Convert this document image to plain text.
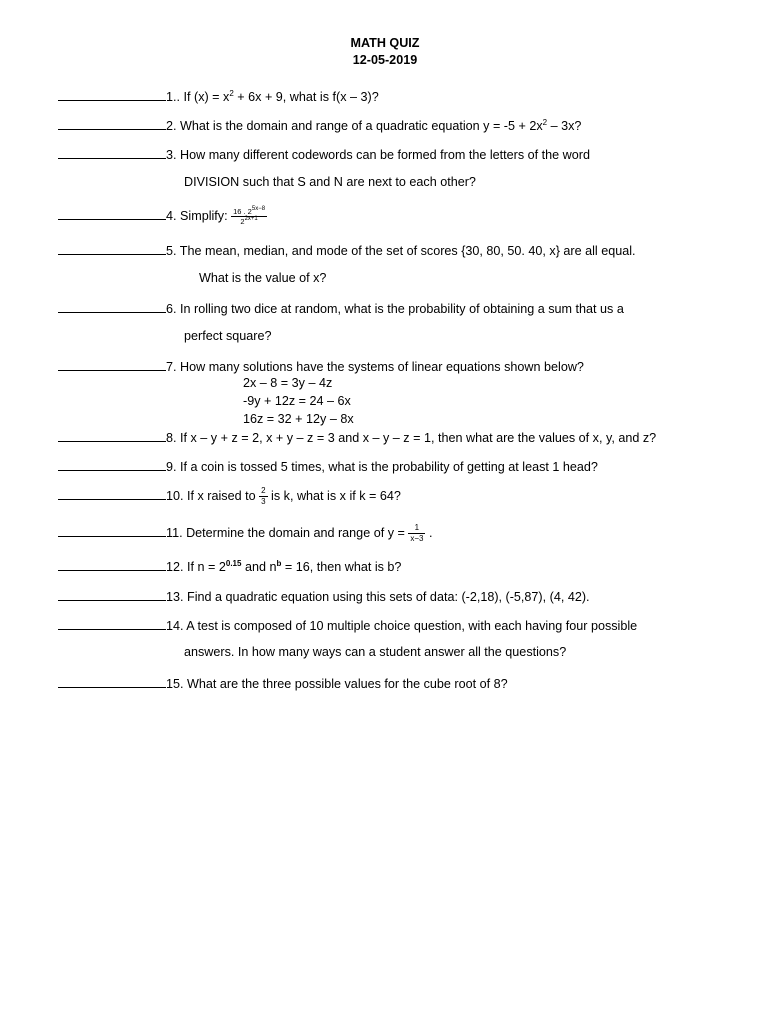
MATH QUIZ
12-05-2019
1.. If $(x) = x^2 + 6x + 9$, what is f(x – 3)?
2. What is the domain and range of a quadratic equation $y = -5 + 2x^2 - 3x$?
3. How many different codewords can be formed from the letters of the word
DIVISION such that S and N are next to each other?
4. Simplify: $\frac{16 . 2^{5x-8}}{2^{2x+1}}$
5. The mean, median, and mode of the set of scores {30, 80, 50. 40, x} are all equal.
What is the value of x?
6. In rolling two dice at random, what is the probability of obtaining a sum that us a
perfect square?
7. How many solutions have the systems of linear equations shown below?
2x – 8 = 3y – 4z
-9y + 12z = 24 – 6x
16z = 32 + 12y – 8x
8. If x – y + z = 2, x + y – z = 3 and x – y – z = 1, then what are the values of x, y, and z?
9. If a coin is tossed 5 times, what is the probability of getting at least 1 head?
10. If x raised to $\frac{2}{3}$ is k, what is x if k = 64?
11. Determine the domain and range of $y = \frac{1}{x-3}$ .
12. If $n = 2^{0.15}$ and $n^b = 16$, then what is b?
13. Find a quadratic equation using this sets of data: (-2,18), (-5,87), (4, 42).
14. A test is composed of 10 multiple choice question, with each having four possible
answers. In how many ways can a student answer all the questions?
15. What are the three possible values for the cube root of 8?
